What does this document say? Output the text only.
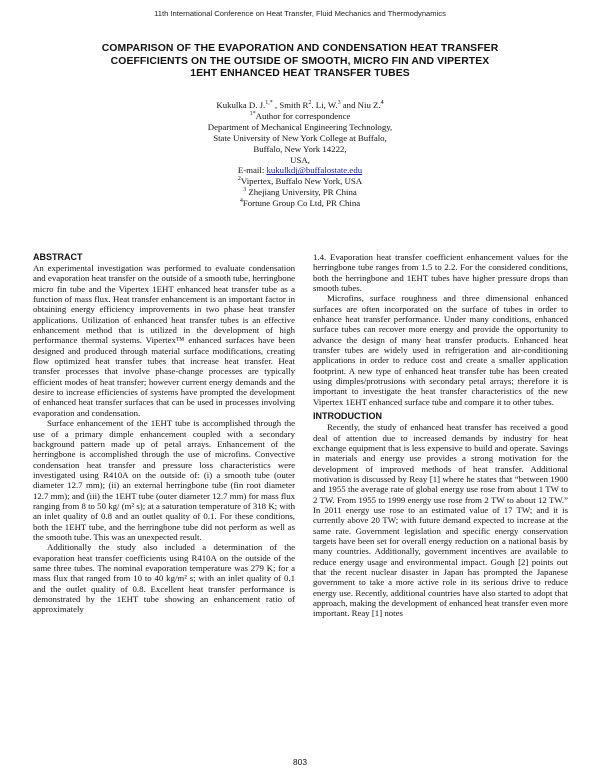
11th International Conference on Heat Transfer, Fluid Mechanics and Thermodynamics
COMPARISON OF THE EVAPORATION AND CONDENSATION HEAT TRANSFER
COEFFICIENTS ON THE OUTSIDE OF SMOOTH, MICRO FIN AND VIPERTEX
1EHT ENHANCED HEAT TRANSFER TUBES
Kukulka D. J.$^{1,*}$ , Smith $R^2$. Li, W.$^3$ and Niu Z.$^4$
$^{1*}$Author for correspondence
Department of Mechanical Engineering Technology,
State University of New York College at Buffalo,
Buffalo, New York 14222,
USA,
E-mail: kukulkdj@buffalostate.edu
$^2$Vipertex, Buffalo New York, USA
$^3$ Zhejiang University, PR China
$^4$Fortune Group Co Ltd, PR China
ABSTRACT

An experimental investigation was performed to evaluate condensation and evaporation heat transfer on the outside of a smooth tube, herringbone micro fin tube and the Vipertex 1EHT enhanced heat transfer tube as a function of mass flux. Heat transfer enhancement is an important factor in obtaining energy efficiency improvements in two phase heat transfer applications. Utilization of enhanced heat transfer tubes is an effective enhancement method that is utilized in the development of high performance thermal systems. Vipertex™ enhanced surfaces have been designed and produced through material surface modifications, creating flow optimized heat transfer tubes that increase heat transfer. Heat transfer processes that involve phase-change processes are typically efficient modes of heat transfer; however current energy demands and the desire to increase efficiencies of systems have prompted the development of enhanced heat transfer surfaces that can be used in processes involving evaporation and condensation.

Surface enhancement of the 1EHT tube is accomplished through the use of a primary dimple enhancement coupled with a secondary background pattern made up of petal arrays. Enhancement of the herringbone is accomplished through the use of microfins. Convective condensation heat transfer and pressure loss characteristics were investigated using R410A on the outside of: (i) a smooth tube (outer diameter 12.7 mm); (ii) an external herringbone tube (fin root diameter 12.7 mm); and (iii) the 1EHT tube (outer diameter 12.7 mm) for mass flux ranging from 8 to 50 kg/ (m² s); at a saturation temperature of 318 K; with an inlet quality of 0.8 and an outlet quality of 0.1. For these conditions, both the 1EHT tube, and the herringbone tube did not perform as well as the smooth tube. This was an unexpected result.

Additionally the study also included a determination of the evaporation heat transfer coefficients using R410A on the outside of the same three tubes. The nominal evaporation temperature was 279 K; for a mass flux that ranged from 10 to 40 kg/m² s; with an inlet quality of 0.1 and the outlet quality of 0.8. Excellent heat transfer performance is demonstrated by the 1EHT tube showing an enhancement ratio of approximately

1.4. Evaporation heat transfer coefficient enhancement values for the herringbone tube ranges from 1.5 to 2.2. For the considered conditions, both the herringbone and 1EHT tubes have higher pressure drops than smooth tubes.

Microfins, surface roughness and three dimensional enhanced surfaces are often incorporated on the surface of tubes in order to enhance heat transfer performance. Under many conditions, enhanced surface tubes can recover more energy and provide the opportunity to advance the design of many heat transfer products. Enhanced heat transfer tubes are widely used in refrigeration and air-conditioning applications in order to reduce cost and create a smaller application footprint. A new type of enhanced heat transfer tube has been created using dimples/protrusions with secondary petal arrays; therefore it is important to investigate the heat transfer characteristics of the new Vipertex 1EHT enhanced surface tube and compare it to other tubes.

INTRODUCTION

Recently, the study of enhanced heat transfer has received a good deal of attention due to increased demands by industry for heat exchange equipment that is less expensive to build and operate. Savings in materials and energy use provides a strong motivation for the development of improved methods of heat transfer. Additional motivation is discussed by Reay [1] where he states that “between 1900 and 1955 the average rate of global energy use rose from about 1 TW to 2 TW. From 1955 to 1999 energy use rose from 2 TW to about 12 TW.” In 2011 energy use rose to an estimated value of 17 TW; and it is currently above 20 TW; with future demand expected to increase at the same rate. Government legislation and specific energy conservation targets have been set for overall energy reduction on a national basis by many countries. Additionally, government incentives are available to reduce energy usage and environmental impact. Gough [2] points out that the recent nuclear disaster in Japan has prompted the Japanese government to take a more active role in its serious drive to reduce energy use. Recently, additional countries have also started to adopt that approach, making the development of enhanced heat transfer even more important. Reay [1] notes

803
